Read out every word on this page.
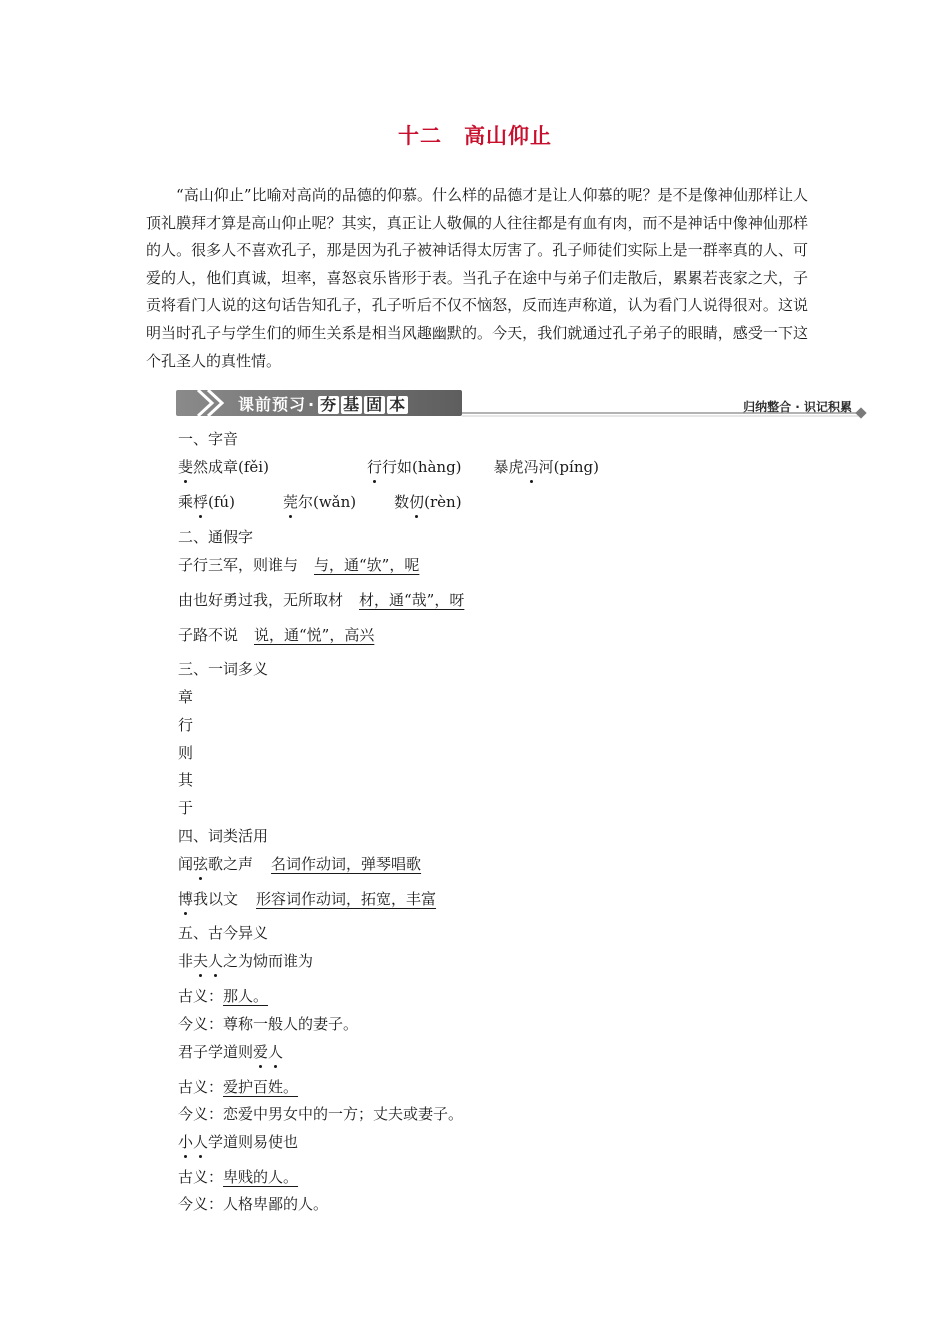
十二 高山仰止
“高山仰止”比喻对高尚的品德的仰慕。什么样的品德才是让人仰慕的呢？是不是像神仙那样让人顶礼膜拜才算是高山仰止呢？其实，真正让人敬佩的人往往都是有血有肉，而不是神话中像神仙那样的人。很多人不喜欢孔子，那是因为孔子被神话得太厉害了。孔子师徒们实际上是一群率真的人、可爱的人，他们真诚，坦率，喜怒哀乐皆形于表。当孔子在途中与弟子们走散后，累累若丧家之犬，子贡将看门人说的这句话告知孔子，孔子听后不仅不恼怒，反而连声称道，认为看门人说得很对。这说明当时孔子与学生们的师生关系是相当风趣幽默的。今天，我们就通过孔子弟子的眼睛，感受一下这个孔圣人的真性情。
课前预习 · 夯 基 固 本	归纳整合 · 识记积累
一、字音
斐然成章(fěi)	行行如(hàng) 暴虎冯河(píng)
乘桴(fú)	莞尔(wǎn)	数仞(rèn)
二、通假字
子行三军，则谁与 与，通“欤”，呢
由也好勇过我，无所取材 材，通“哉”，呀
子路不说 说，通“悦”，高兴
三、一词多义
章
行
则
其
于
四、词类活用
闻弦歌之声 名词作动词，弹琴唱歌
博我以文 形容词作动词，拓宽，丰富
五、古今异义
非夫人之为恸而谁为
古义：那人。
今义：尊称一般人的妻子。
君子学道则爱人
古义：爱护百姓。
今义：恋爱中男女中的一方；丈夫或妻子。
小人学道则易使也
古义：卑贱的人。
今义：人格卑鄙的人。
